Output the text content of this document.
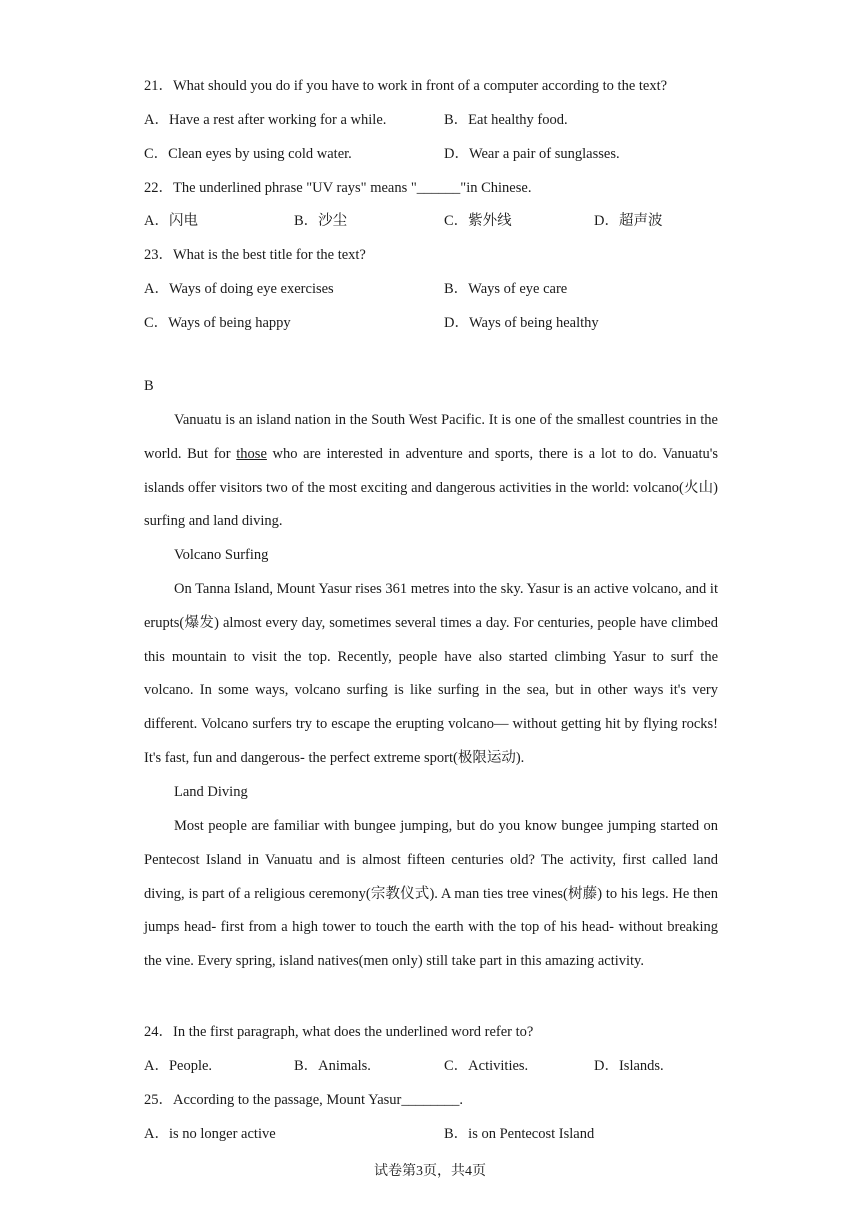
21．What should you do if you have to work in front of a computer according to the text?
A．Have a rest after working for a while.	B．Eat healthy food.
C．Clean eyes by using cold water.	D．Wear a pair of sunglasses.
22．The underlined phrase "UV rays" means "______"in Chinese.
A．闪电	B．沙尘	C．紫外线	D．超声波
23．What is the best title for the text?
A．Ways of doing eye exercises	B．Ways of eye care
C．Ways of being happy	D．Ways of being healthy
B

Vanuatu is an island nation in the South West Pacific. It is one of the smallest countries in the world. But for those who are interested in adventure and sports, there is a lot to do. Vanuatu's islands offer visitors two of the most exciting and dangerous activities in the world: volcano(火山) surfing and land diving.

Volcano Surfing

On Tanna Island, Mount Yasur rises 361 metres into the sky. Yasur is an active volcano, and it erupts(爆发) almost every day, sometimes several times a day. For centuries, people have climbed this mountain to visit the top. Recently, people have also started climbing Yasur to surf the volcano. In some ways, volcano surfing is like surfing in the sea, but in other ways it's very different. Volcano surfers try to escape the erupting volcano— without getting hit by flying rocks! It's fast, fun and dangerous- the perfect extreme sport(极限运动).

Land Diving

Most people are familiar with bungee jumping, but do you know bungee jumping started on Pentecost Island in Vanuatu and is almost fifteen centuries old? The activity, first called land diving, is part of a religious ceremony(宗教仪式). A man ties tree vines(树藤) to his legs. He then jumps head- first from a high tower to touch the earth with the top of his head- without breaking the vine. Every spring, island natives(men only) still take part in this amazing activity.

24．In the first paragraph, what does the underlined word refer to?
A．People.	B．Animals.	C．Activities.	D．Islands.
25．According to the passage, Mount Yasur________.
A．is no longer active	B．is on Pentecost Island
试卷第3页，共4页
